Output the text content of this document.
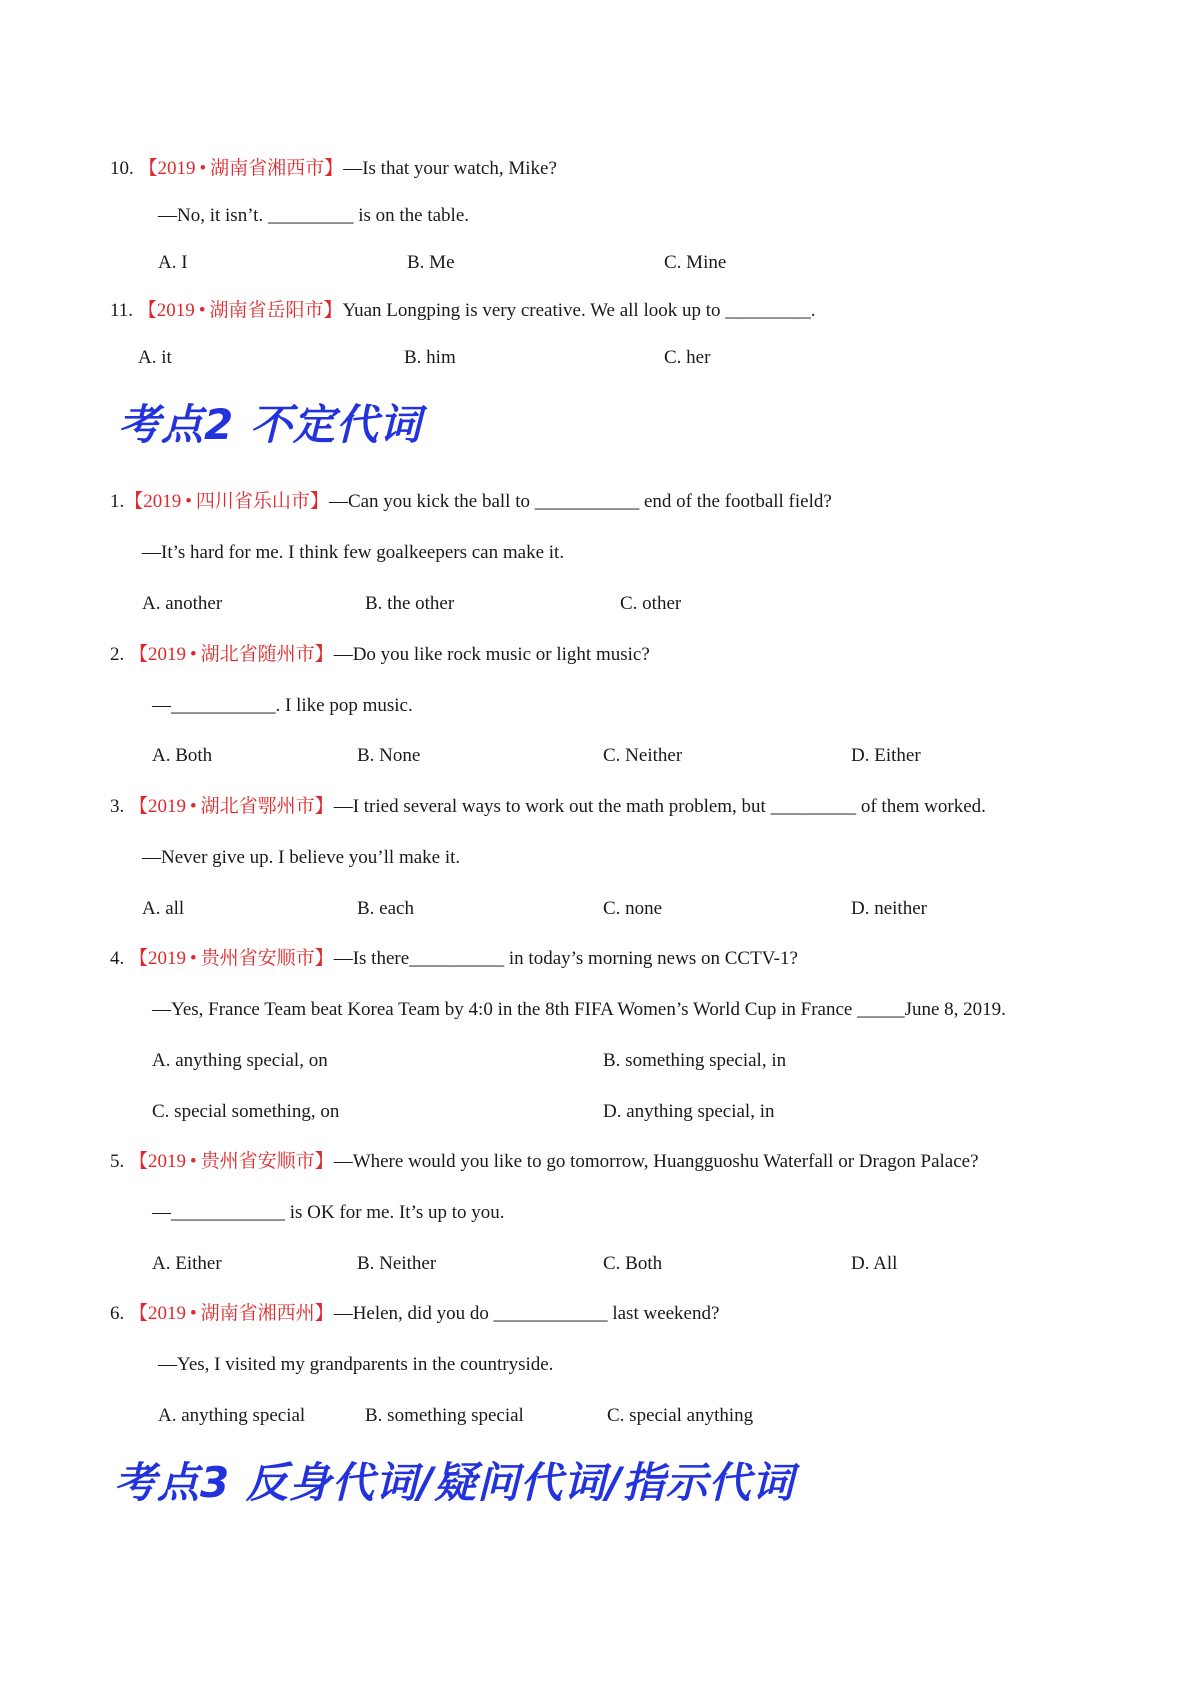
10. 【2019 • 湖南省湘西市】—Is that your watch, Mike?
—No, it isn’t. _________ is on the table.
A. I	B. Me	C. Mine
11. 【2019 • 湖南省岳阳市】Yuan Longping is very creative. We all look up to _________.
A. it	B. him	C. her
考点2 不定代词
1.【2019 • 四川省乐山市】—Can you kick the ball to ___________ end of the football field?
—It’s hard for me. I think few goalkeepers can make it.
A. another	B. the other	C. other
2. 【2019 • 湖北省随州市】—Do you like rock music or light music?
—___________. I like pop music.
A. Both	B. None	C. Neither	D. Either
3. 【2019 • 湖北省鄂州市】—I tried several ways to work out the math problem, but _________ of them worked.
—Never give up. I believe you’ll make it.
A. all	B. each	C. none	D. neither
4. 【2019 • 贵州省安顺市】—Is there__________ in today’s morning news on CCTV-1?
—Yes, France Team beat Korea Team by 4:0 in the 8th FIFA Women’s World Cup in France _____June 8, 2019.
A. anything special, on	B. something special, in
C. special something, on	D. anything special, in
5. 【2019 • 贵州省安顺市】—Where would you like to go tomorrow, Huangguoshu Waterfall or Dragon Palace?
—____________ is OK for me. It’s up to you.
A. Either	B. Neither	C. Both	D. All
6. 【2019 • 湖南省湘西州】—Helen, did you do ____________ last weekend?
—Yes, I visited my grandparents in the countryside.
A. anything special	B. something special	C. special anything
考点3 反身代词/疑问代词/指示代词
